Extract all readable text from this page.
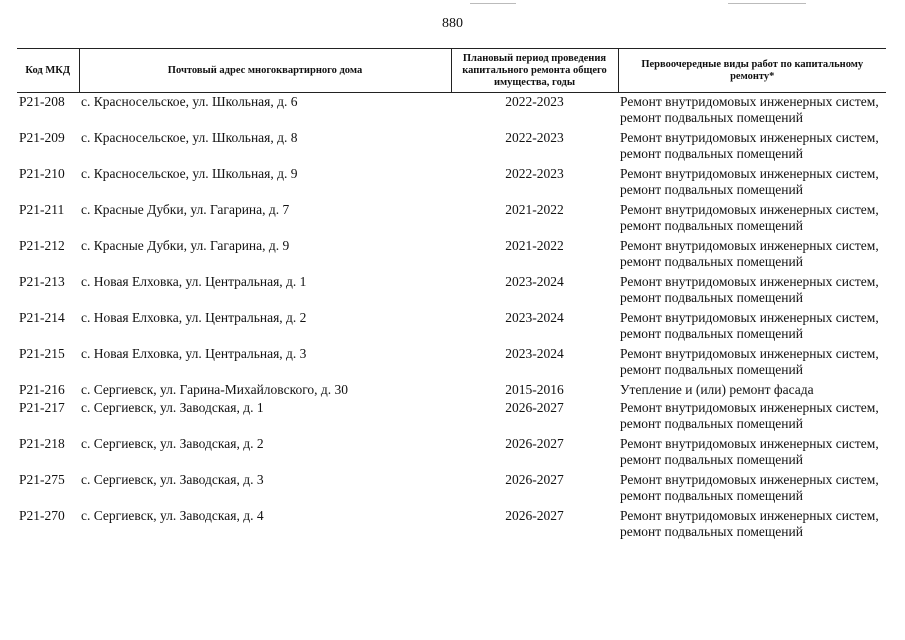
880
Код МКД	Почтовый адрес многоквартирного дома	Плановый период проведения капитального ремонта общего имущества, годы	Первоочередные виды работ по капитальному ремонту*
Р21-208	с. Красносельское, ул. Школьная, д. 6	2022-2023	Ремонт внутридомовых инженерных систем, ремонт подвальных помещений
Р21-209	с. Красносельское, ул. Школьная, д. 8	2022-2023	Ремонт внутридомовых инженерных систем, ремонт подвальных помещений
Р21-210	с. Красносельское, ул. Школьная, д. 9	2022-2023	Ремонт внутридомовых инженерных систем, ремонт подвальных помещений
Р21-211	с. Красные Дубки, ул. Гагарина, д. 7	2021-2022	Ремонт внутридомовых инженерных систем, ремонт подвальных помещений
Р21-212	с. Красные Дубки, ул. Гагарина, д. 9	2021-2022	Ремонт внутридомовых инженерных систем, ремонт подвальных помещений
Р21-213	с. Новая Елховка, ул. Центральная, д. 1	2023-2024	Ремонт внутридомовых инженерных систем, ремонт подвальных помещений
Р21-214	с. Новая Елховка, ул. Центральная, д. 2	2023-2024	Ремонт внутридомовых инженерных систем, ремонт подвальных помещений
Р21-215	с. Новая Елховка, ул. Центральная, д. 3	2023-2024	Ремонт внутридомовых инженерных систем, ремонт подвальных помещений
Р21-216	с. Сергиевск, ул. Гарина-Михайловского, д. 30	2015-2016	Утепление и (или) ремонт фасада
Р21-217	с. Сергиевск, ул. Заводская, д. 1	2026-2027	Ремонт внутридомовых инженерных систем, ремонт подвальных помещений
Р21-218	с. Сергиевск, ул. Заводская, д. 2	2026-2027	Ремонт внутридомовых инженерных систем, ремонт подвальных помещений
Р21-275	с. Сергиевск, ул. Заводская, д. 3	2026-2027	Ремонт внутридомовых инженерных систем, ремонт подвальных помещений
Р21-270	с. Сергиевск, ул. Заводская, д. 4	2026-2027	Ремонт внутридомовых инженерных систем, ремонт подвальных помещений
